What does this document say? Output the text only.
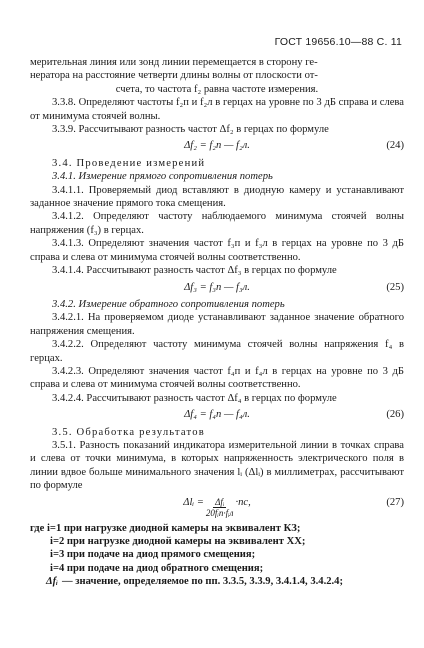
ГОСТ 19656.10—88 С. 11

мерительная линия или зонд линии перемещается в сторону ге-

нератора на расстояние четверти длины волны от плоскости от-

счета, то частота f₂ равна частоте измерения.

3.3.8. Определяют частоты f₂п и f₂л в герцах на уровне по 3 дБ справа и слева от минимума стоячей волны.

3.3.9. Рассчитывают разность частот Δf₂ в герцах по формуле

Δf₂ = f₂п — f₂л.	(24)

3.4. Проведение измерений

3.4.1. Измерение прямого сопротивления потерь

3.4.1.1. Проверяемый диод вставляют в диодную камеру и устанавливают заданное значение прямого тока смещения.

3.4.1.2. Определяют частоту наблюдаемого минимума стоячей волны напряжения (f₃) в герцах.

3.4.1.3. Определяют значения частот f₃п и f₃л в герцах на уровне по 3 дБ справа и слева от минимума стоячей волны соответственно.

3.4.1.4. Рассчитывают разность частот Δf₃ в герцах по формуле

Δf₃ = f₃п — f₃л.	(25)

3.4.2. Измерение обратного сопротивления потерь

3.4.2.1. На проверяемом диоде устанавливают заданное значение обратного напряжения смещения.

3.4.2.2. Определяют частоту минимума стоячей волны напряжения f₄ в герцах.

3.4.2.3. Определяют значения частот f₄п и f₄л в герцах на уровне по 3 дБ справа и слева от минимума стоячей волны соответственно.

3.4.2.4. Рассчитывают разность частот Δf₄ в герцах по формуле

Δf₄ = f₄п — f₄л.	(26)

3.5. Обработка результатов

3.5.1. Разность показаний индикатора измерительной линии в точках справа и слева от точки минимума, в которых напряженность электрического поля в линии вдвое больше минимального значения lᵢ (Δlᵢ) в миллиметрах, рассчитывают по формуле

Δlᵢ = $\frac{\text{Δfᵢ}}{\text{20fᵢп·fᵢл}} \cdot nc$,	(27)

где i=1 при нагрузке диодной камеры на эквивалент КЗ;

i=2 при нагрузке диодной камеры на эквивалент XX;

i=3 при подаче на диод прямого смещения;

i=4 при подаче на диод обратного смещения;

Δfᵢ — значение, определяемое по пп. 3.3.5, 3.3.9, 3.4.1.4, 3.4.2.4;
